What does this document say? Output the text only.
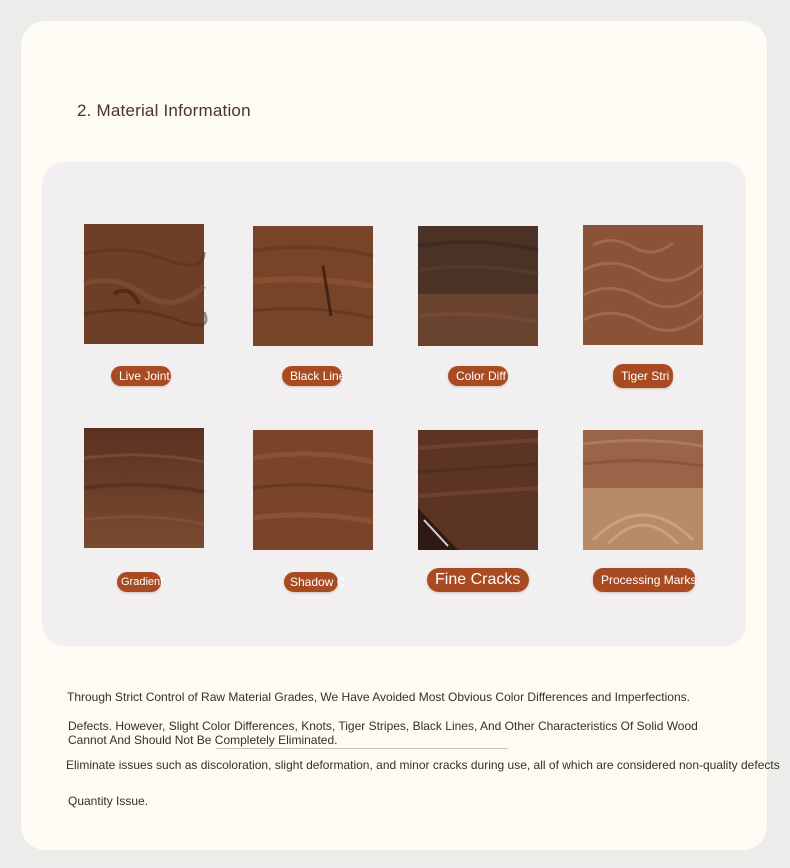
2. Material Information
Live Joint	Black Line	Color Diff	Tiger Stri
Gradient	Shadow C	Fine Cracks	Processing Marks
Through Strict Control of Raw Material Grades, We Have Avoided Most Obvious Color Differences and Imperfections.
Defects. However, Slight Color Differences, Knots, Tiger Stripes, Black Lines, And Other Characteristics Of Solid Wood
Cannot And Should Not Be Completely Eliminated.
Eliminate issues such as discoloration, slight deformation, and minor cracks during use, all of which are considered non-quality defects
Quantity Issue.
